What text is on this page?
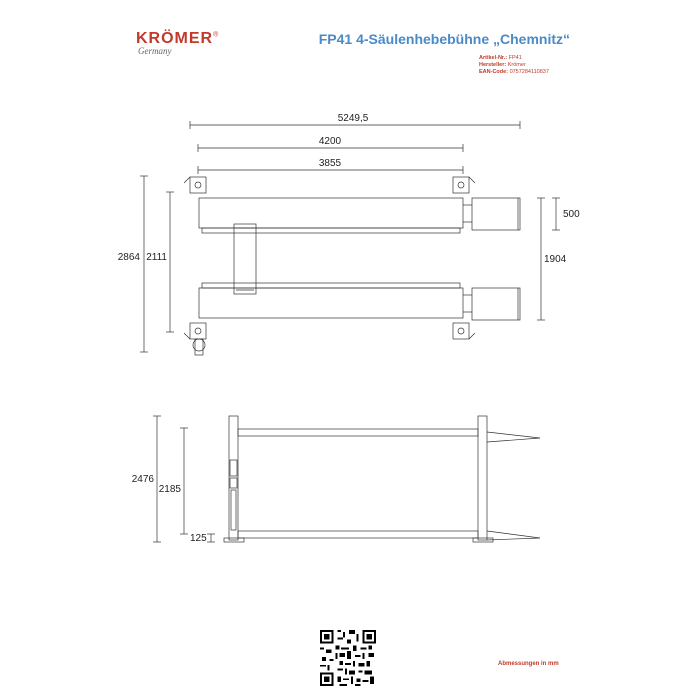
KRÖMER®
Germany
FP41 4-Säulenhebebühne „Chemnitz“
Artikel-Nr.: FP41
Hersteller: Krömer
EAN-Code: 0757284110837
5249,5
4200
3855
2864 2111
500
1904
2476
2185
125
Abmessungen in mm
